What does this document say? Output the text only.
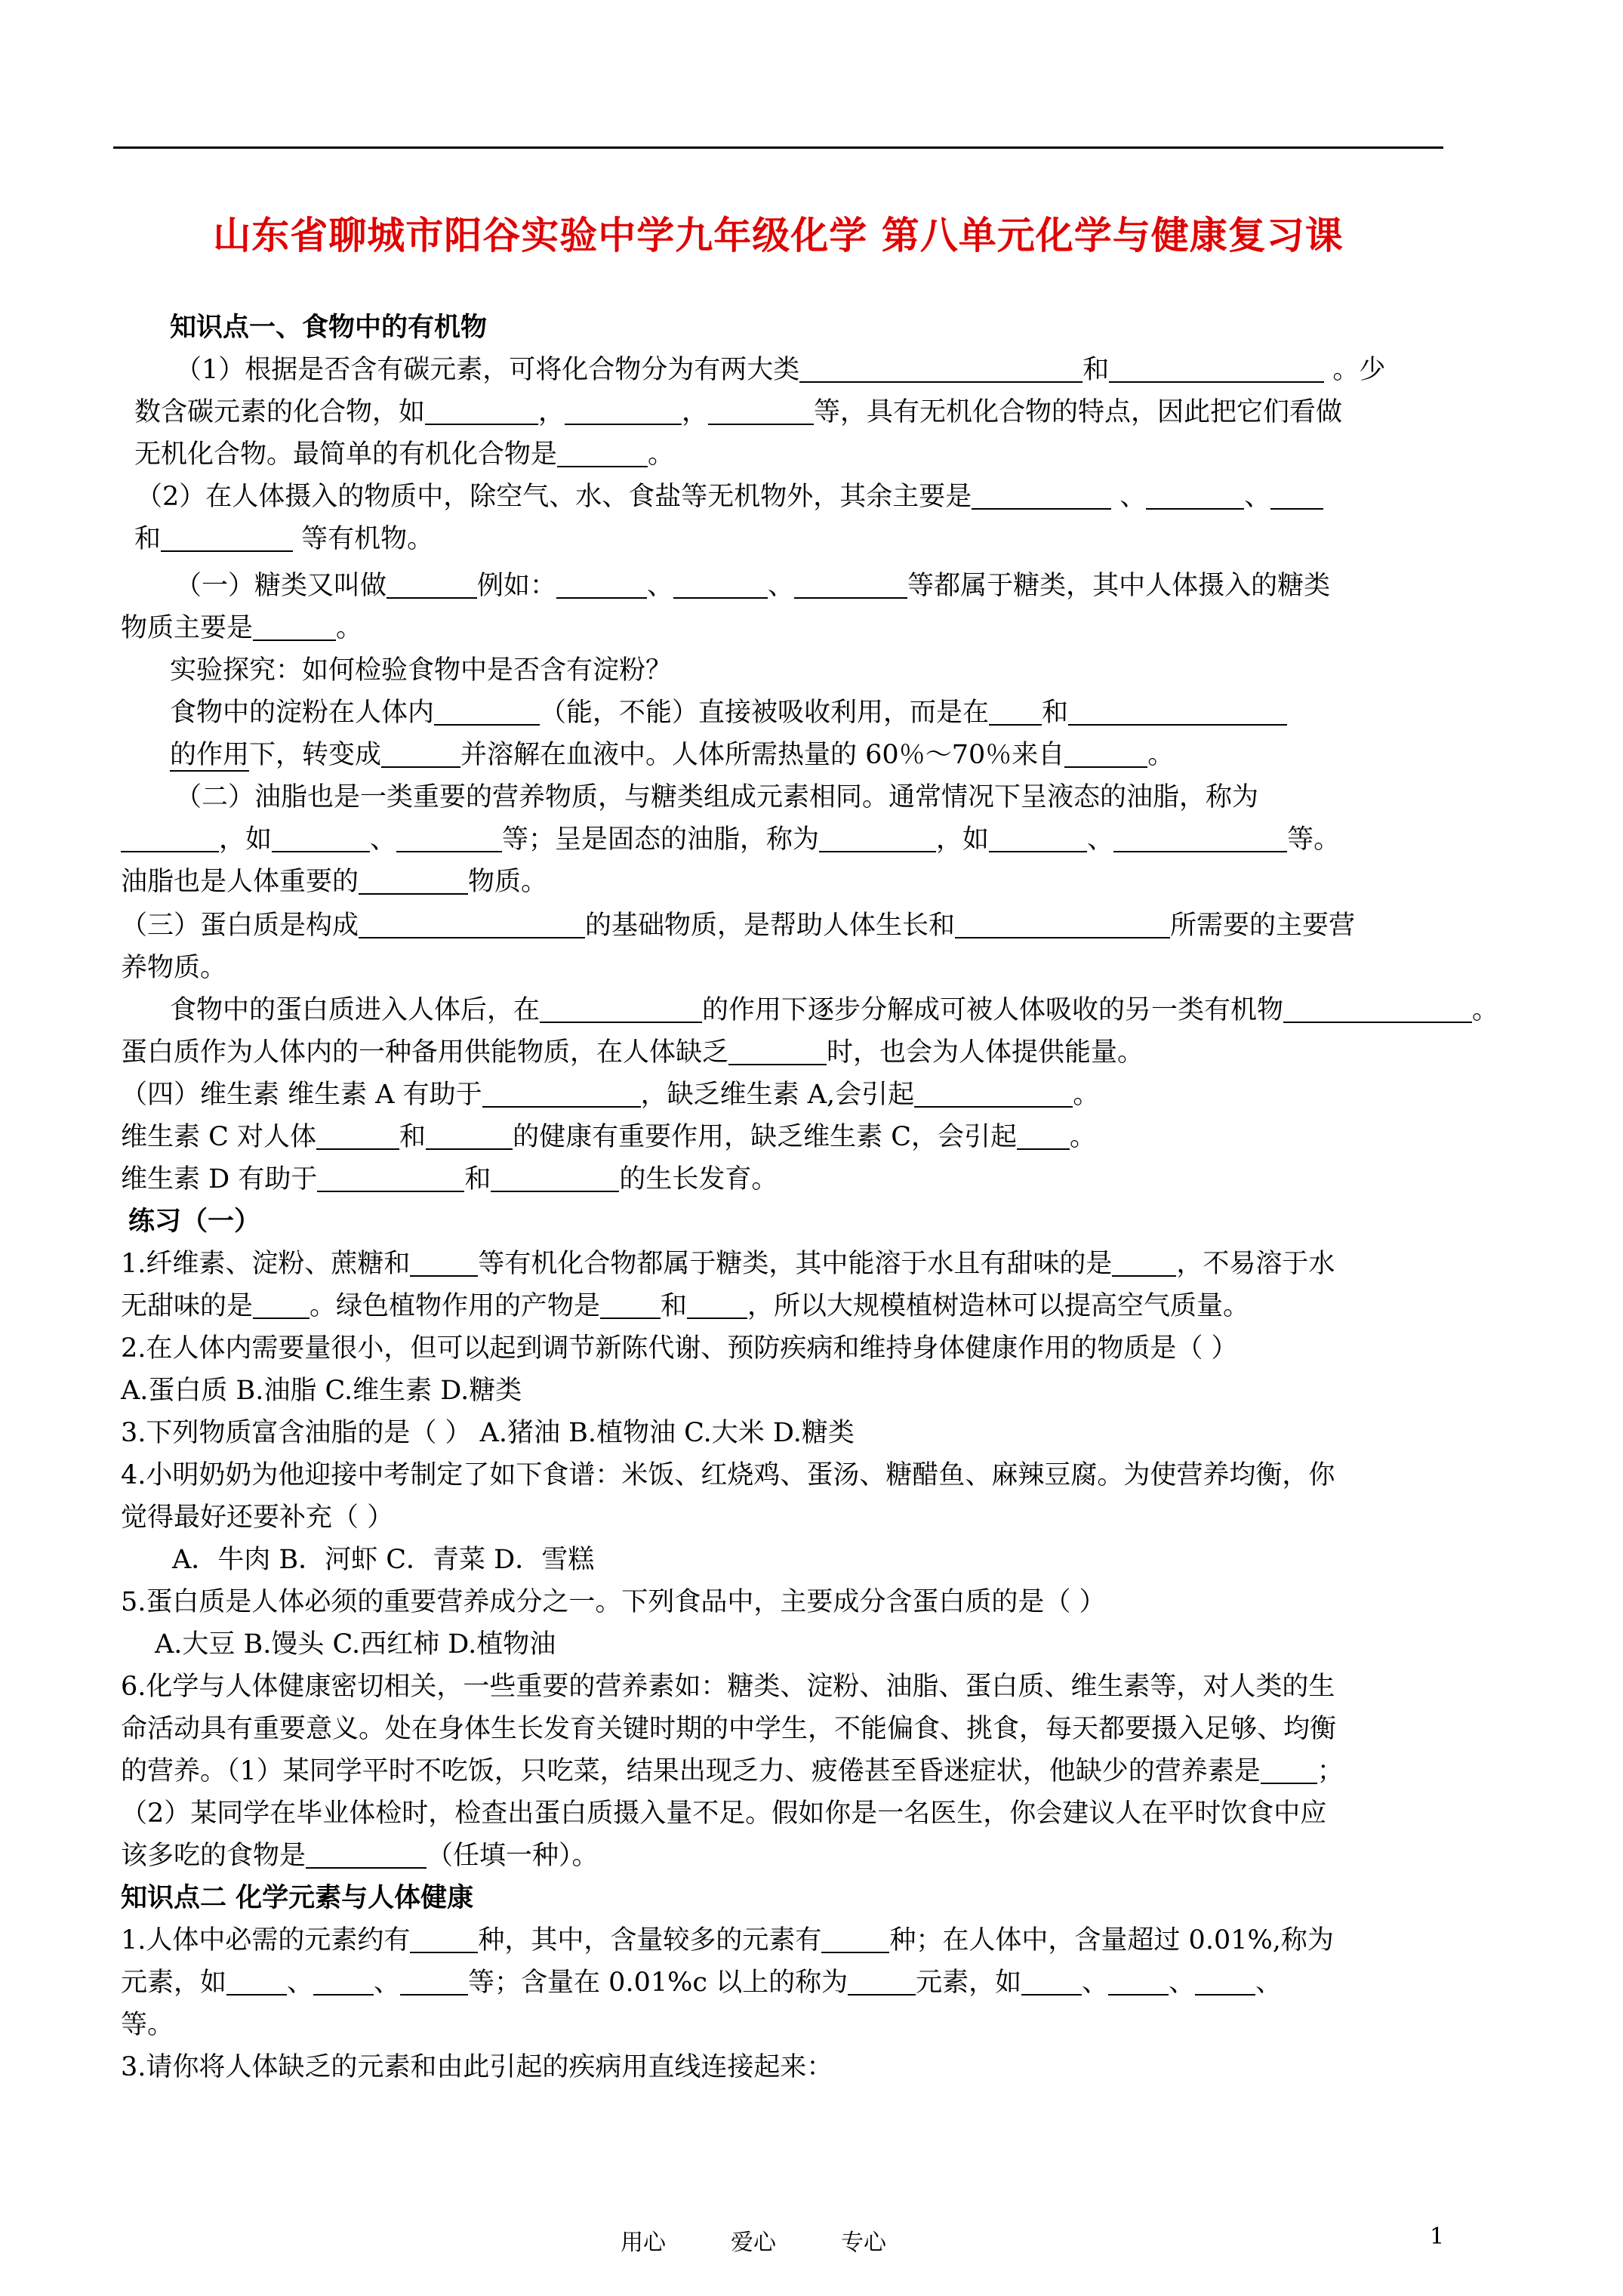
山东省聊城市阳谷实验中学九年级化学 第八单元化学与健康复习课
知识点一、食物中的有机物
（1）根据是否含有碳元素，可将化合物分为有两大类	和	。少
数含碳元素的化合物，如	，	，	等，具有无机化合物的特点，因此把它们看做
无机化合物。最简单的有机化合物是	。
（2）在人体摄入的物质中，除空气、水、食盐等无机物外，其余主要是	、	、
和	等有机物。
（一）糖类又叫做	例如：	、	、	等都属于糖类，其中人体摄入的糖类
物质主要是	。
实验探究：如何检验食物中是否含有淀粉？
食物中的淀粉在人体内	（能，不能）直接被吸收利用，而是在 和
的作用下，转变成	并溶解在血液中。人体所需热量的 60％～70％来自	。
（二）油脂也是一类重要的营养物质，与糖类组成元素相同。通常情况下呈液态的油脂，称为
，如	、	等；呈是固态的油脂，称为	，如	、	等。
油脂也是人体重要的	物质。
（三）蛋白质是构成	的基础物质，是帮助人体生长和	所需要的主要营
养物质。
食物中的蛋白质进入人体后，在	的作用下逐步分解成可被人体吸收的另一类有机物	。
蛋白质作为人体内的一种备用供能物质，在人体缺乏	时，也会为人体提供能量。
（四）维生素 维生素 A 有助于	，缺乏维生素 A,会引起	。
维生素 C 对人体	和	的健康有重要作用，缺乏维生素 C，会引起 。
维生素 D 有助于	和	的生长发育。
练习（一）
1.纤维素、淀粉、蔗糖和	等有机化合物都属于糖类，其中能溶于水且有甜味的是 ，不易溶于水
无甜味的是 。绿色植物作用的产物是 和 ，所以大规模植树造林可以提高空气质量。
2.在人体内需要量很小，但可以起到调节新陈代谢、预防疾病和维持身体健康作用的物质是（ ）
A.蛋白质 B.油脂 C.维生素 D.糖类
3.下列物质富含油脂的是（ ） A.猪油 B.植物油 C.大米 D.糖类
4.小明奶奶为他迎接中考制定了如下食谱：米饭、红烧鸡、蛋汤、糖醋鱼、麻辣豆腐。为使营养均衡，你
觉得最好还要补充（ ）
A．牛肉 B．河虾 C．青菜 D．雪糕
5.蛋白质是人体必须的重要营养成分之一。下列食品中，主要成分含蛋白质的是（ ）
A.大豆 B.馒头 C.西红柿 D.植物油
6.化学与人体健康密切相关，一些重要的营养素如：糖类、淀粉、油脂、蛋白质、维生素等，对人类的生
命活动具有重要意义。处在身体生长发育关键时期的中学生，不能偏食、挑食，每天都要摄入足够、均衡
的营养。（1）某同学平时不吃饭，只吃菜，结果出现乏力、疲倦甚至昏迷症状，他缺少的营养素是 ；
（2）某同学在毕业体检时，检查出蛋白质摄入量不足。假如你是一名医生，你会建议人在平时饮食中应
该多吃的食物是	（任填一种）。
知识点二 化学元素与人体健康
1.人体中必需的元素约有	种，其中，含量较多的元素有	种；在人体中，含量超过 0.01%,称为
元素，如 、 、	等；含量在 0.01%c 以上的称为	元素，如 、 、 、
等。
3.请你将人体缺乏的元素和由此引起的疾病用直线连接起来：
用心	爱心	专心	1
